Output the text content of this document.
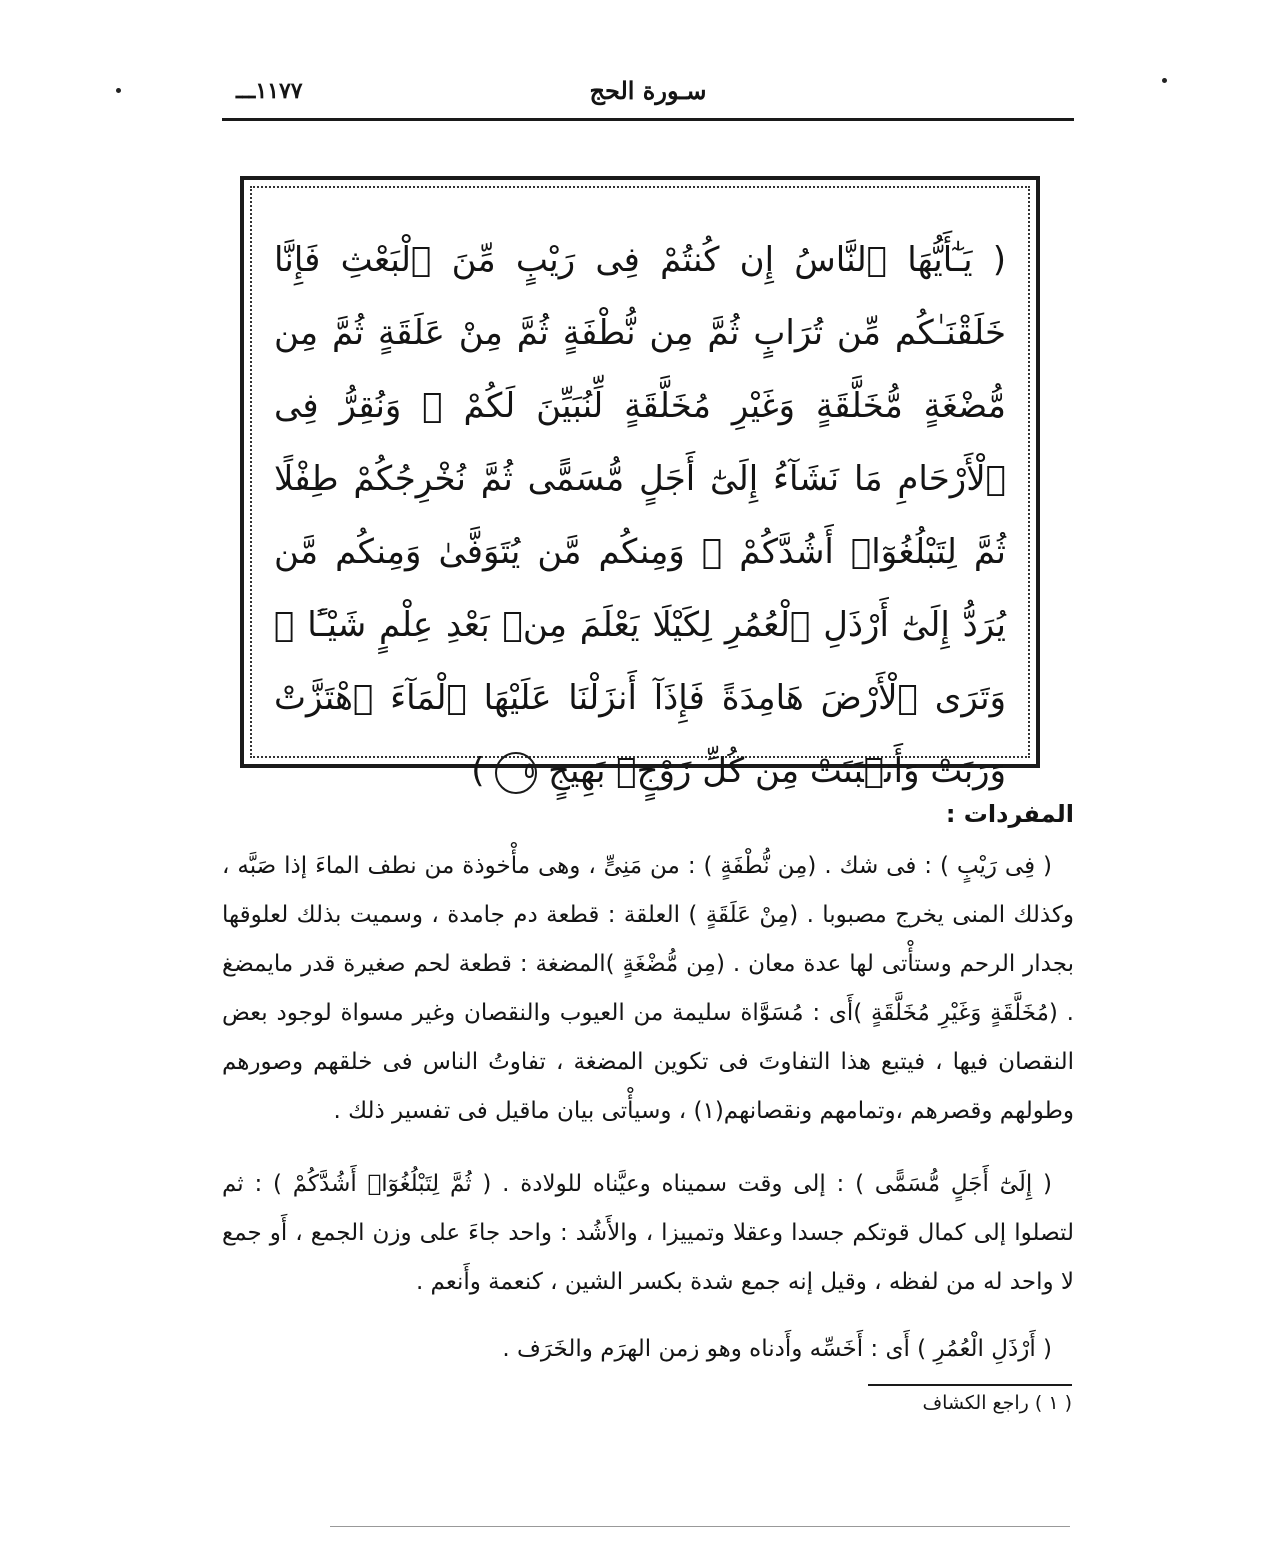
سـورة الحج
١١٧٧ـــ
( يَـٰٓأَيُّهَا ٱلنَّاسُ إِن كُنتُمْ فِى رَيْبٍ مِّنَ ٱلْبَعْثِ فَإِنَّا خَلَقْنَـٰكُم مِّن تُرَابٍ ثُمَّ مِن نُّطْفَةٍ ثُمَّ مِنْ عَلَقَةٍ ثُمَّ مِن مُّضْغَةٍ مُّخَلَّقَةٍ وَغَيْرِ مُخَلَّقَةٍ لِّنُبَيِّنَ لَكُمْ ۚ وَنُقِرُّ فِى ٱلْأَرْحَامِ مَا نَشَآءُ إِلَىٰٓ أَجَلٍ مُّسَمًّى ثُمَّ نُخْرِجُكُمْ طِفْلًا ثُمَّ لِتَبْلُغُوٓا۟ أَشُدَّكُمْ ۖ وَمِنكُم مَّن يُتَوَفَّىٰ وَمِنكُم مَّن يُرَدُّ إِلَىٰٓ أَرْذَلِ ٱلْعُمُرِ لِكَيْلَا يَعْلَمَ مِنۢ بَعْدِ عِلْمٍ شَيْـًٔا ۚ وَتَرَى ٱلْأَرْضَ هَامِدَةً فَإِذَآ أَنزَلْنَا عَلَيْهَا ٱلْمَآءَ ٱهْتَزَّتْ وَرَبَتْ وَأَنۢبَتَتْ مِن كُلِّ زَوْجٍۭ بَهِيجٍ ٥ )
المفردات :

( فِى رَيْبٍ ) : فى شك . (مِن نُّطْفَةٍ ) : من مَنِىٍّ ، وهى مأْخوذة من نطف الماءَ إذا صَبَّه ، وكذلك المنى يخرج مصبوبا . (مِنْ عَلَقَةٍ ) العلقة : قطعة دم جامدة ، وسميت بذلك لعلوقها بجدار الرحم وستأْتى لها عدة معان . (مِن مُّضْغَةٍ )المضغة : قطعة لحم صغيرة قدر مايمضغ . (مُخَلَّقَةٍ وَغَيْرِ مُخَلَّقَةٍ )أَى : مُسَوَّاة سليمة من العيوب والنقصان وغير مسواة لوجود بعض النقصان فيها ، فيتبع هذا التفاوتَ فى تكوين المضغة ، تفاوتُ الناس فى خلقهم وصورهم وطولهم وقصرهم ،وتمامهم ونقصانهم(١) ، وسيأْتى بيان ماقيل فى تفسير ذلك .

( إِلَىٰٓ أَجَلٍ مُّسَمًّى ) : إلى وقت سميناه وعيَّناه للولادة . ( ثُمَّ لِتَبْلُغُوٓا۟ أَشُدَّكُمْ ) : ثم لتصلوا إلى كمال قوتكم جسدا وعقلا وتمييزا ، والأَشُد : واحد جاءَ على وزن الجمع ، أَو جمع لا واحد له من لفظه ، وقيل إنه جمع شدة بكسر الشين ، كنعمة وأَنعم .

( أَرْذَلِ الْعُمُرِ ) أَى : أَخَسِّه وأَدناه وهو زمن الهرَم والخَرَف .

( ١ ) راجع الكشاف
